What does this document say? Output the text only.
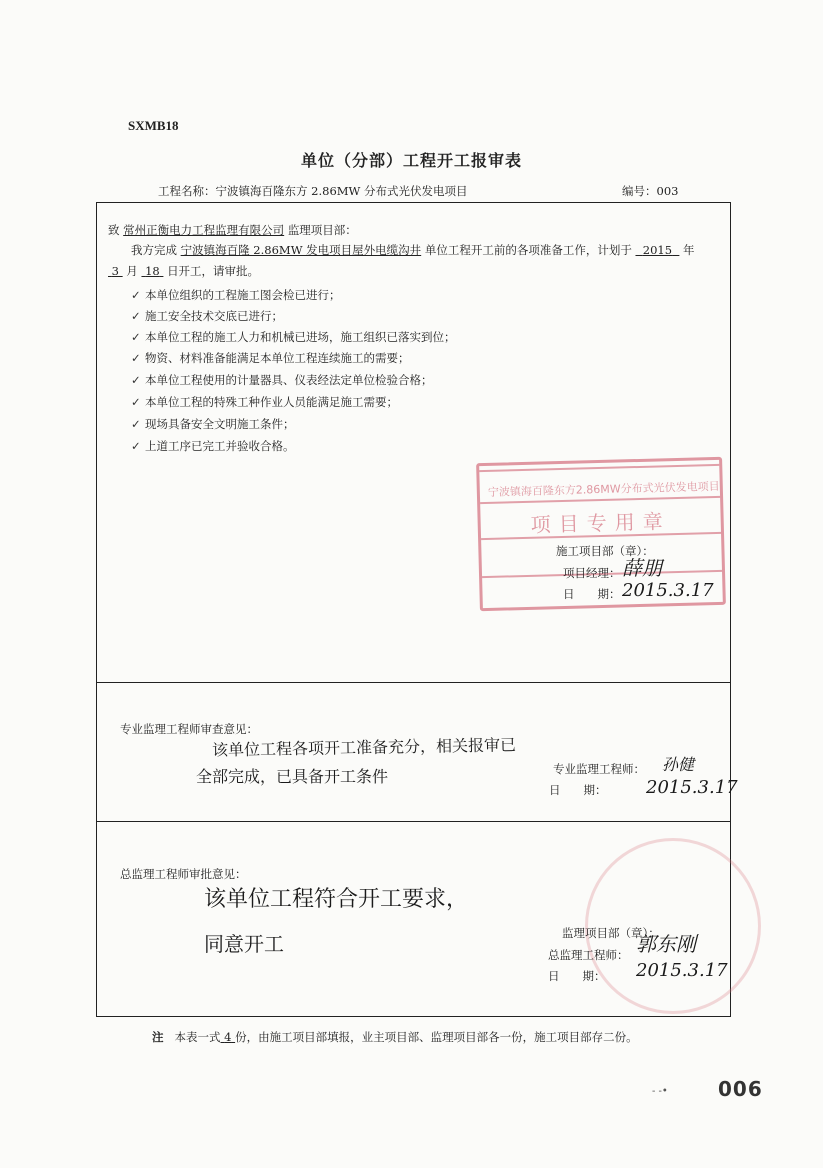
SXMB18
单位（分部）工程开工报审表
工程名称：宁波镇海百隆东方 2.86MW 分布式光伏发电项目	编号：003
致 常州正衡电力工程监理有限公司 监理项目部：
我方完成 宁波镇海百隆 2.86MW 发电项目屋外电缆沟井 单位工程开工前的各项准备工作，计划于 2015 年
3 月 18 日开工，请审批。
✓ 本单位组织的工程施工图会检已进行；
✓ 施工安全技术交底已进行；
✓ 本单位工程的施工人力和机械已进场，施工组织已落实到位；
✓ 物资、材料准备能满足本单位工程连续施工的需要；
✓ 本单位工程使用的计量器具、仪表经法定单位检验合格；
✓ 本单位工程的特殊工种作业人员能满足施工需要；
✓ 现场具备安全文明施工条件；
✓ 上道工序已完工并验收合格。
宁波镇海百隆东方2.86MW分布式光伏发电项目
项目专用章
施工项目部（章）：
项目经理： 薛朋
日　　期： 2015.3.17
专业监理工程师审查意见：
该单位工程各项开工准备充分，相关报审已
全部完成，已具备开工条件	专业监理工程师： 孙健
日　　期： 2015.3.17
总监理工程师审批意见：
该单位工程符合开工要求，
同意开工	监理项目部（章）：
总监理工程师： 郭东刚
日　　期： 2015.3.17
注 本表一式 4 份，由施工项目部填报，业主项目部、监理项目部各一份，施工项目部存二份。
- -•	006
